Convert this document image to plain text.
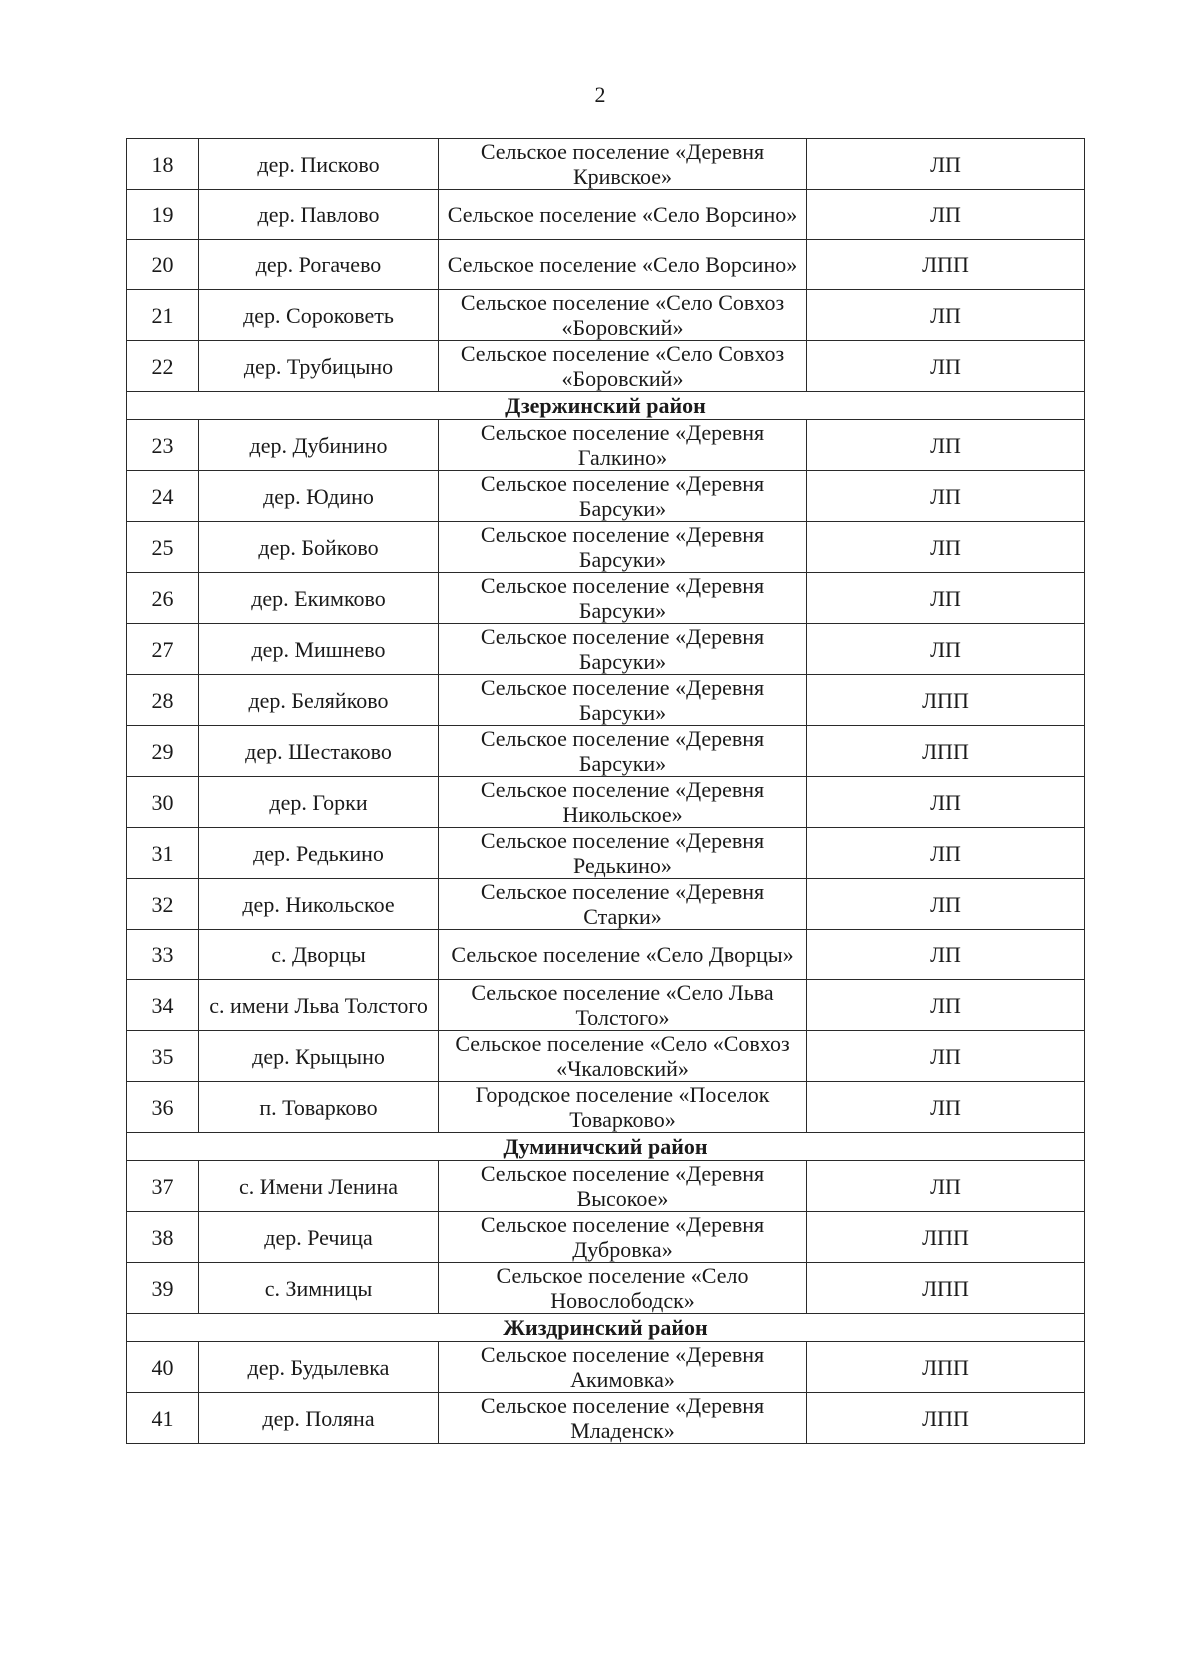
2
18	дер. Писково	Сельское поселение «Деревня Кривское»	ЛП
19	дер. Павлово	Сельское поселение «Село Ворсино»	ЛП
20	дер. Рогачево	Сельское поселение «Село Ворсино»	ЛПП
21	дер. Сороковеть	Сельское поселение «Село Совхоз «Боровский»	ЛП
22	дер. Трубицыно	Сельское поселение «Село Совхоз «Боровский»	ЛП
Дзержинский район			
23	дер. Дубинино	Сельское поселение «Деревня Галкино»	ЛП
24	дер. Юдино	Сельское поселение «Деревня Барсуки»	ЛП
25	дер. Бойково	Сельское поселение «Деревня Барсуки»	ЛП
26	дер. Екимково	Сельское поселение «Деревня Барсуки»	ЛП
27	дер. Мишнево	Сельское поселение «Деревня Барсуки»	ЛП
28	дер. Беляйково	Сельское поселение «Деревня Барсуки»	ЛПП
29	дер. Шестаково	Сельское поселение «Деревня Барсуки»	ЛПП
30	дер. Горки	Сельское поселение «Деревня Никольское»	ЛП
31	дер. Редькино	Сельское поселение «Деревня Редькино»	ЛП
32	дер. Никольское	Сельское поселение «Деревня Старки»	ЛП
33	с. Дворцы	Сельское поселение «Село Дворцы»	ЛП
34	с. имени Льва Толстого	Сельское поселение «Село Льва Толстого»	ЛП
35	дер. Крыцыно	Сельское поселение «Село «Совхоз «Чкаловский»	ЛП
36	п. Товарково	Городское поселение «Поселок Товарково»	ЛП
Думиничский район			
37	с. Имени Ленина	Сельское поселение «Деревня Высокое»	ЛП
38	дер. Речица	Сельское поселение «Деревня Дубровка»	ЛПП
39	с. Зимницы	Сельское поселение «Село Новослободск»	ЛПП
Жиздринский район			
40	дер. Будылевка	Сельское поселение «Деревня Акимовка»	ЛПП
41	дер. Поляна	Сельское поселение «Деревня Младенск»	ЛПП
